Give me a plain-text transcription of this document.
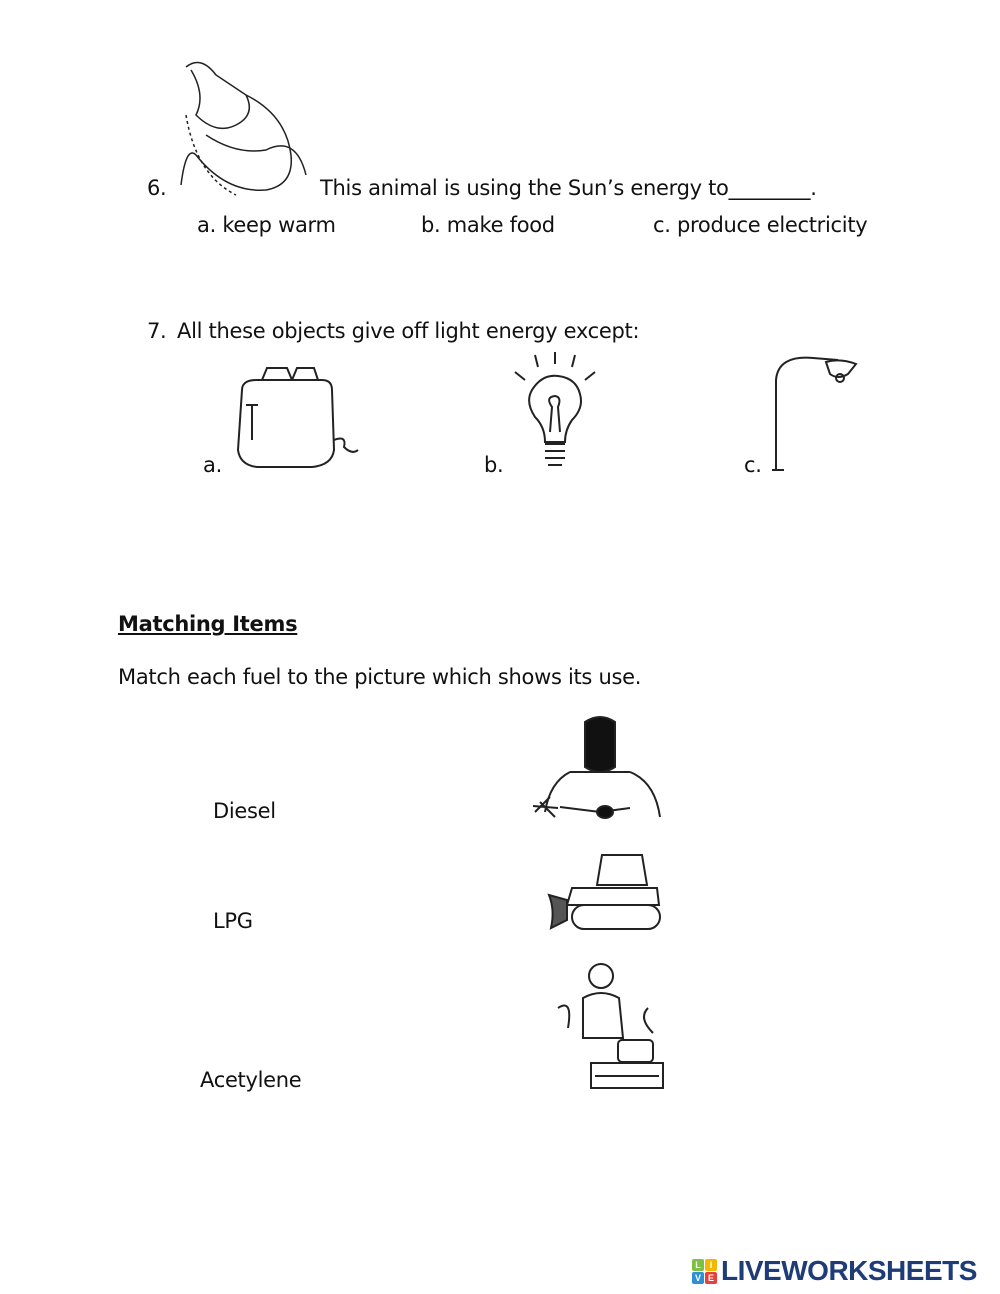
6.	This animal is using the Sun’s energy to________.
a. keep warm	b. make food	c. produce electricity
7. All these objects give off light energy except:
a.	b.	c.
Matching Items
Match each fuel to the picture which shows its use.
Diesel
LPG
Acetylene
L I
V E LIVEWORKSHEETS
